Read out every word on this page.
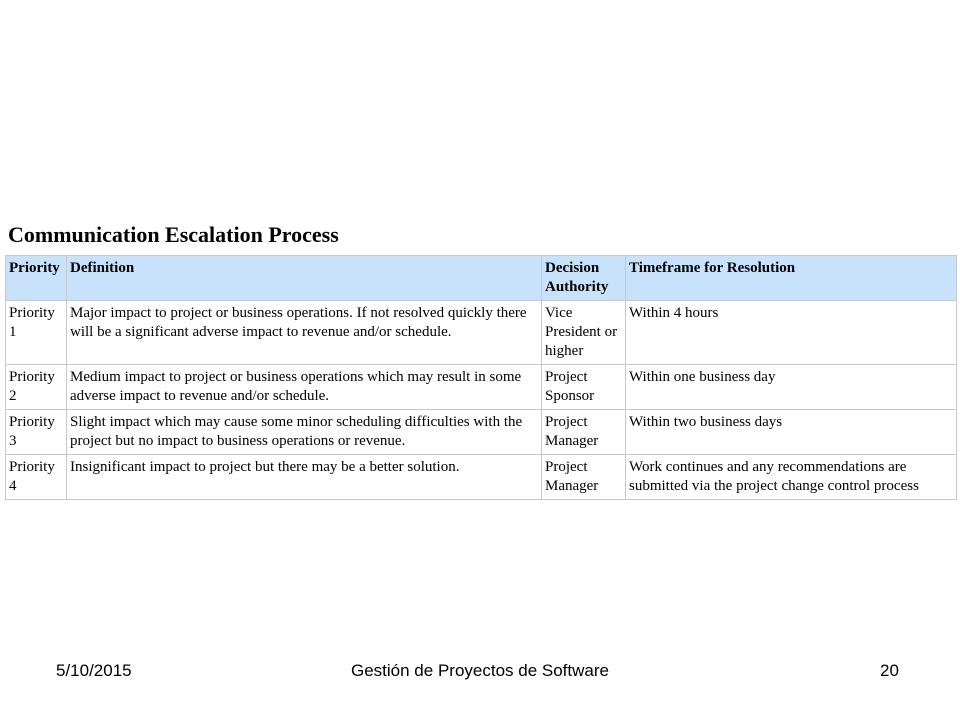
Communication Escalation Process
Priority	Definition	Decision Authority	Timeframe for Resolution
Priority 1	Major impact to project or business operations. If not resolved quickly there will be a significant adverse impact to revenue and/or schedule.	Vice President or higher	Within 4 hours
Priority 2	Medium impact to project or business operations which may result in some adverse impact to revenue and/or schedule.	Project Sponsor	Within one business day
Priority 3	Slight impact which may cause some minor scheduling difficulties with the project but no impact to business operations or revenue.	Project Manager	Within two business days
Priority 4	Insignificant impact to project but there may be a better solution.	Project Manager	Work continues and any recommendations are submitted via the project change control process
5/10/2015	Gestión de Proyectos de Software	20
